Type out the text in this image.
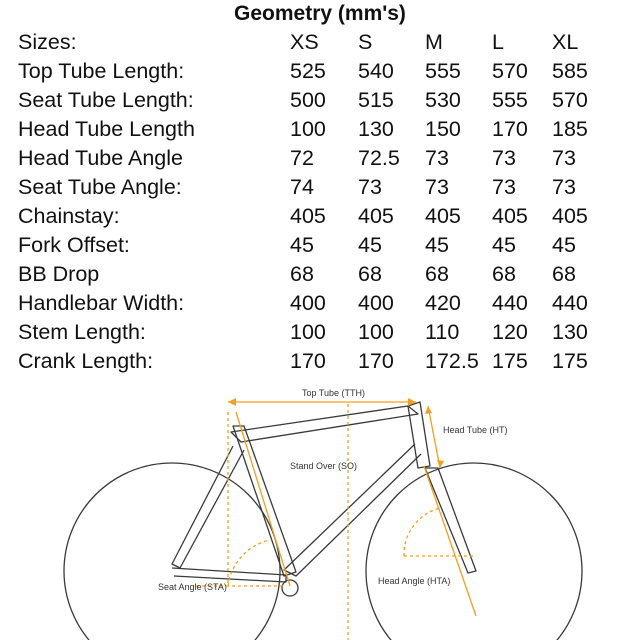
Geometry (mm's)
Sizes:	XS	S	M	L	XL
Top Tube Length:	525	540	555	570	585
Seat Tube Length:	500	515	530	555	570
Head Tube Length	100	130	150	170	185
Head Tube Angle	72	72.5	73	73	73
Seat Tube Angle:	74	73	73	73	73
Chainstay:	405	405	405	405	405
Fork Offset:	45	45	45	45	45
BB Drop	68	68	68	68	68
Handlebar Width:	400	400	420	440	440
Stem Length:	100	100	110	120	130
Crank Length:	170	170	172.5	175	175
Top Tube (TTH)
Head Tube (HT)
Stand Over (SO)
Seat Angle (STA)
Head Angle (HTA)
